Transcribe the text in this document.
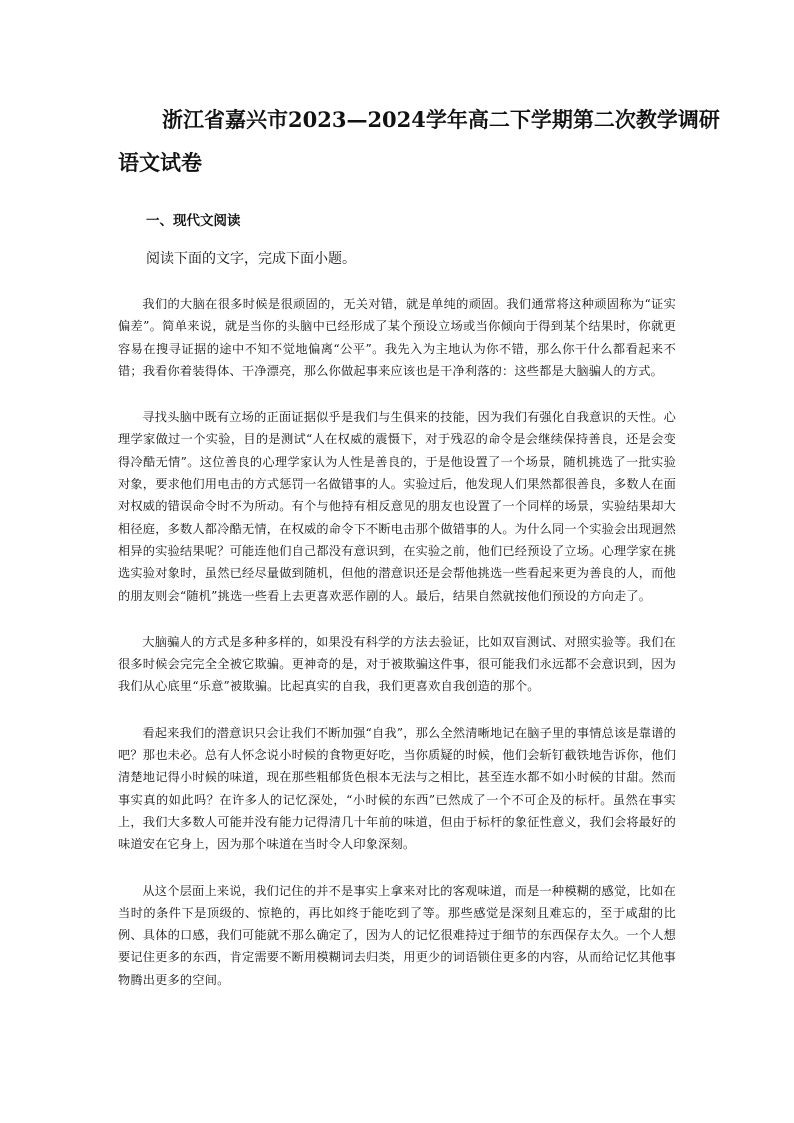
浙江省嘉兴市2023—2024学年高二下学期第二次教学调研
语文试卷
一、现代文阅读
阅读下面的文字，完成下面小题。

我们的大脑在很多时候是很顽固的，无关对错，就是单纯的顽固。我们通常将这种顽固称为“证实偏差”。简单来说，就是当你的头脑中已经形成了某个预设立场或当你倾向于得到某个结果时，你就更容易在搜寻证据的途中不知不觉地偏离“公平”。我先入为主地认为你不错，那么你干什么都看起来不错；我看你着装得体、干净漂亮，那么你做起事来应该也是干净利落的：这些都是大脑骗人的方式。

寻找头脑中既有立场的正面证据似乎是我们与生俱来的技能，因为我们有强化自我意识的天性。心理学家做过一个实验，目的是测试“人在权威的震慑下，对于残忍的命令是会继续保持善良，还是会变得冷酷无情”。这位善良的心理学家认为人性是善良的，于是他设置了一个场景，随机挑选了一批实验对象，要求他们用电击的方式惩罚一名做错事的人。实验过后，他发现人们果然都很善良，多数人在面对权威的错误命令时不为所动。有个与他持有相反意见的朋友也设置了一个同样的场景，实验结果却大相径庭，多数人都冷酷无情，在权威的命令下不断电击那个做错事的人。为什么同一个实验会出现迥然相异的实验结果呢？可能连他们自己都没有意识到，在实验之前，他们已经预设了立场。心理学家在挑选实验对象时，虽然已经尽量做到随机，但他的潜意识还是会帮他挑选一些看起来更为善良的人，而他的朋友则会“随机”挑选一些看上去更喜欢恶作剧的人。最后，结果自然就按他们预设的方向走了。

大脑骗人的方式是多种多样的，如果没有科学的方法去验证，比如双盲测试、对照实验等。我们在很多时候会完完全全被它欺骗。更神奇的是，对于被欺骗这件事，很可能我们永远都不会意识到，因为我们从心底里“乐意”被欺骗。比起真实的自我，我们更喜欢自我创造的那个。

看起来我们的潜意识只会让我们不断加强“自我”，那么全然清晰地记在脑子里的事情总该是靠谱的吧？那也未必。总有人怀念说小时候的食物更好吃，当你质疑的时候，他们会斩钉截铁地告诉你，他们清楚地记得小时候的味道，现在那些粗郁货色根本无法与之相比，甚至连水都不如小时候的甘甜。然而事实真的如此吗？在许多人的记忆深处，“小时候的东西”已然成了一个不可企及的标杆。虽然在事实上，我们大多数人可能并没有能力记得清几十年前的味道，但由于标杆的象征性意义，我们会将最好的味道安在它身上，因为那个味道在当时令人印象深刻。

从这个层面上来说，我们记住的并不是事实上拿来对比的客观味道，而是一种模糊的感觉，比如在当时的条件下是顶级的、惊艳的，再比如终于能吃到了等。那些感觉是深刻且难忘的，至于咸甜的比例、具体的口感，我们可能就不那么确定了，因为人的记忆很难持过于细节的东西保存太久。一个人想要记住更多的东西，肯定需要不断用模糊词去归类，用更少的词语锁住更多的内容，从而给记忆其他事物腾出更多的空间。
